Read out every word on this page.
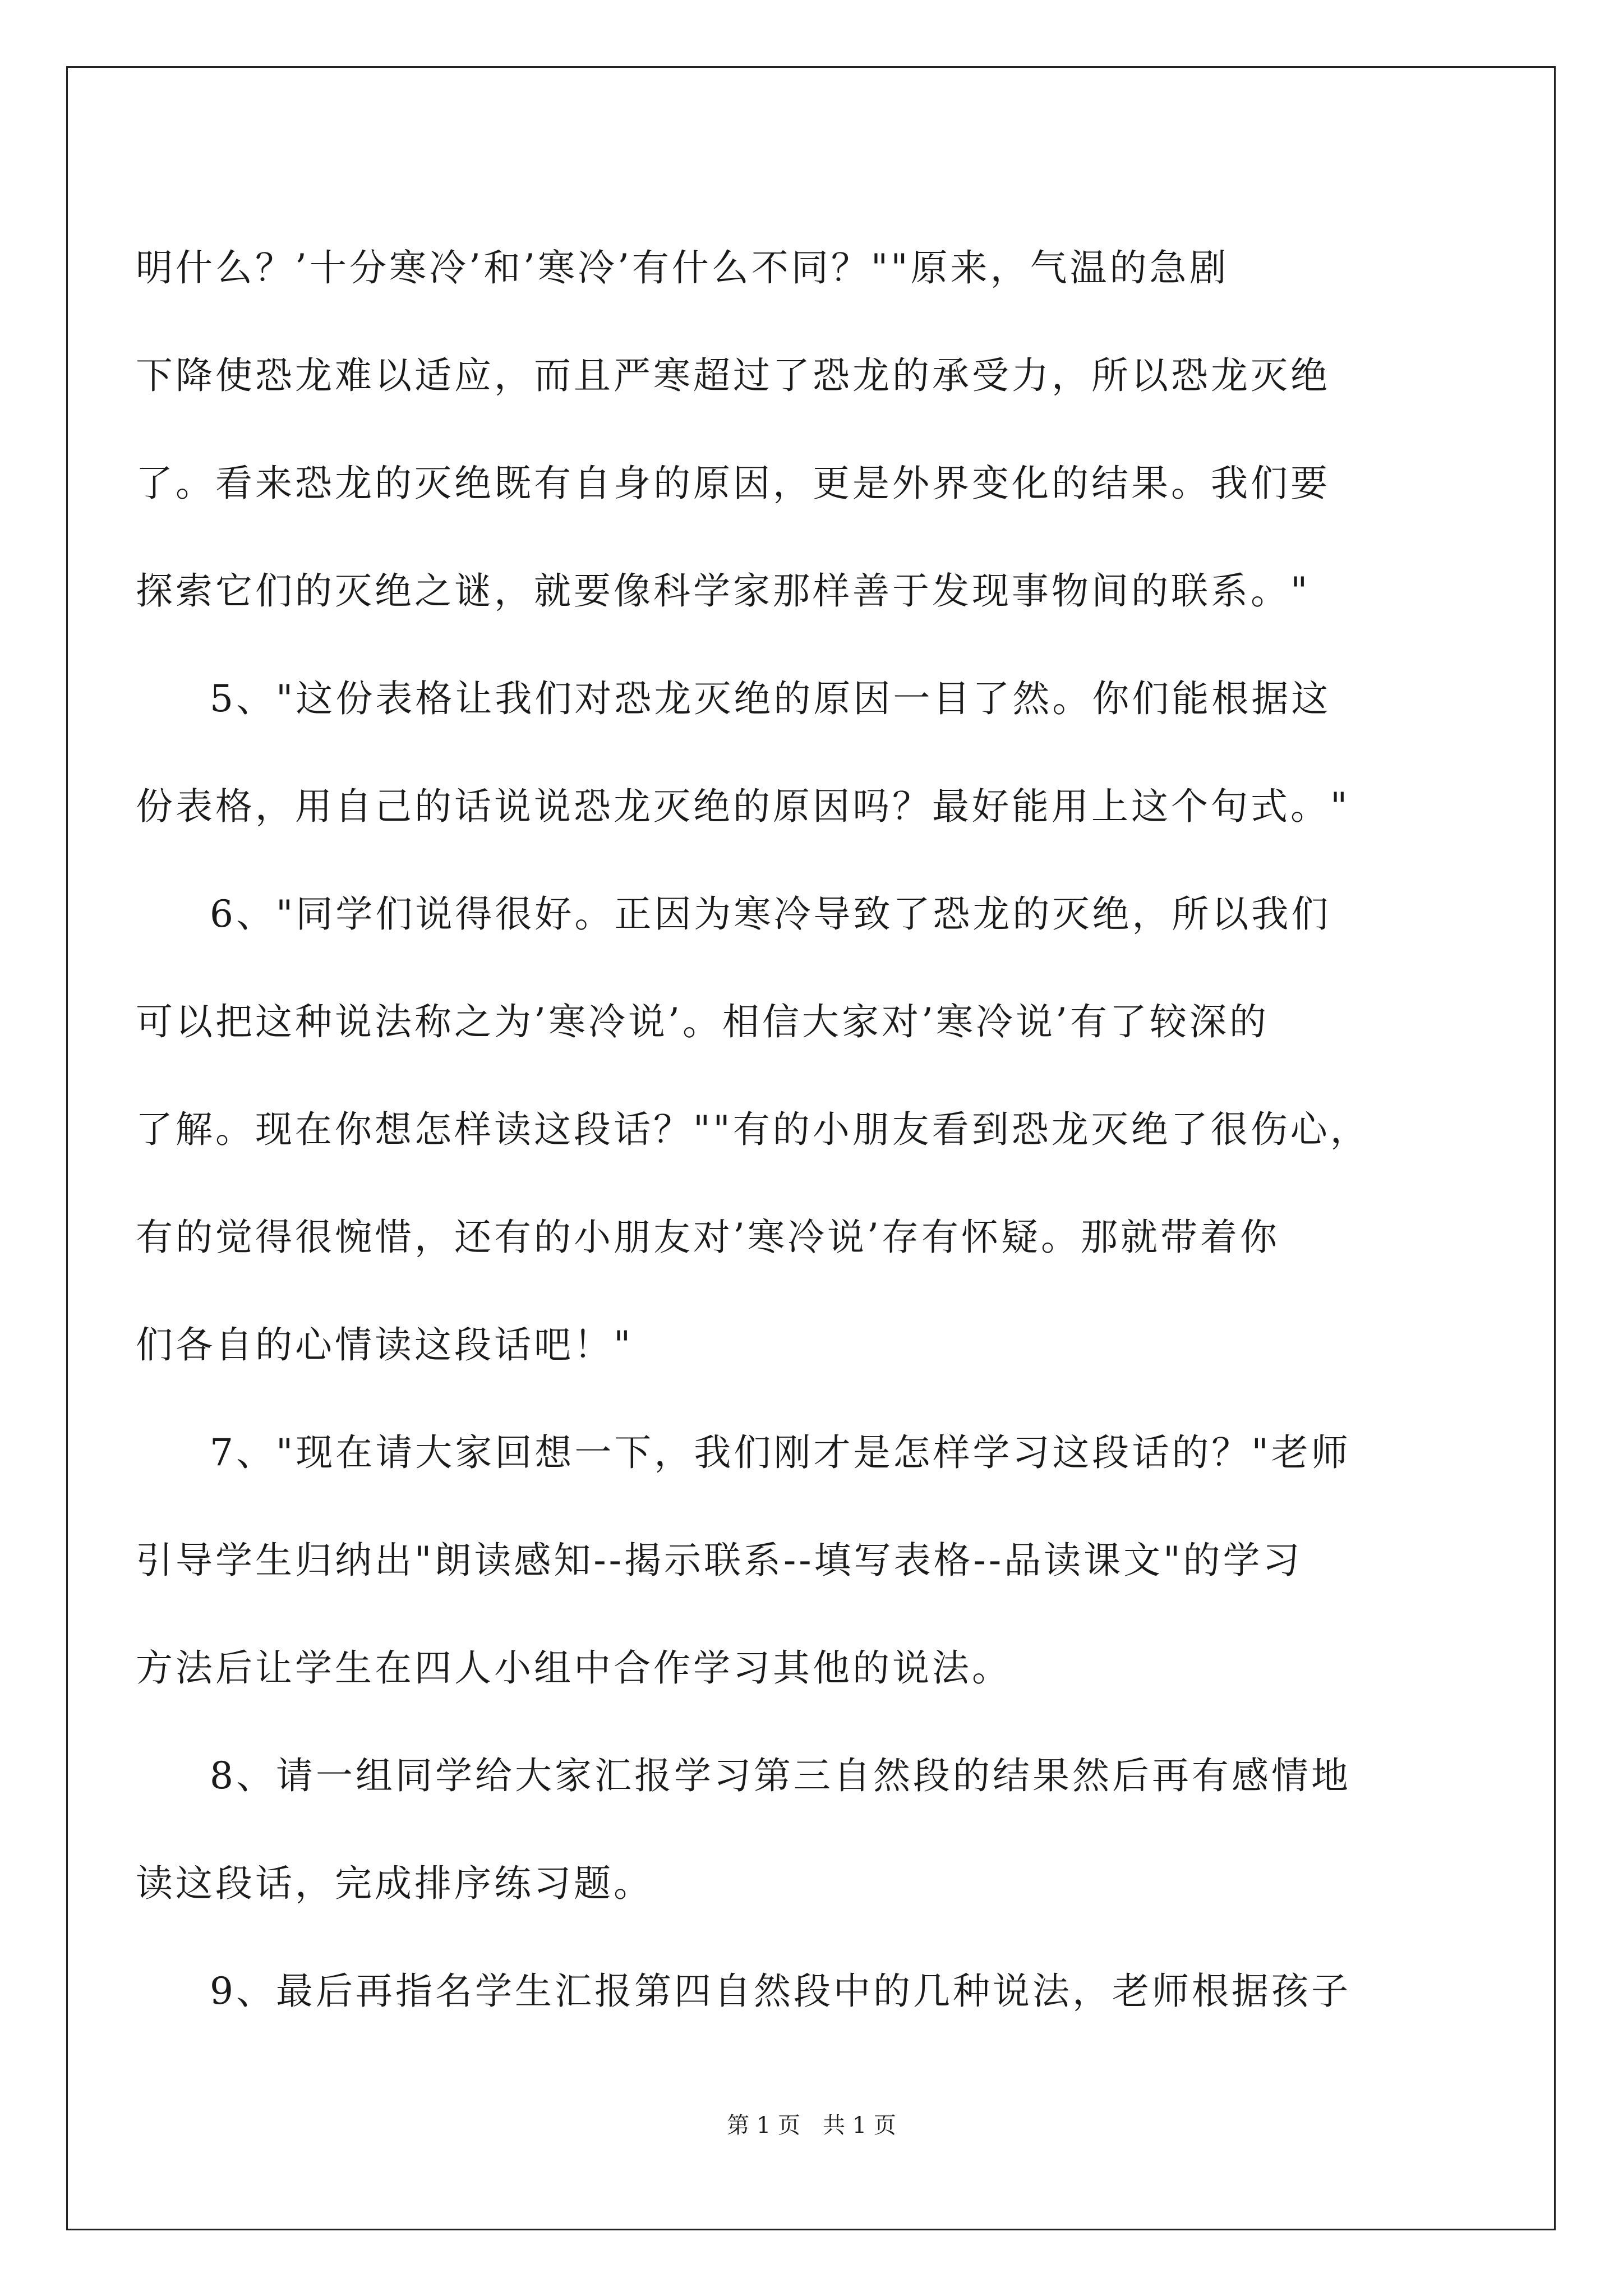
明什么？’十分寒冷’和’寒冷’有什么不同？""原来，气温的急剧
下降使恐龙难以适应，而且严寒超过了恐龙的承受力，所以恐龙灭绝
了。看来恐龙的灭绝既有自身的原因，更是外界变化的结果。我们要
探索它们的灭绝之谜，就要像科学家那样善于发现事物间的联系。"
5、"这份表格让我们对恐龙灭绝的原因一目了然。你们能根据这
份表格，用自己的话说说恐龙灭绝的原因吗？最好能用上这个句式。"
6、"同学们说得很好。正因为寒冷导致了恐龙的灭绝，所以我们
可以把这种说法称之为’寒冷说’。相信大家对’寒冷说’有了较深的
了解。现在你想怎样读这段话？""有的小朋友看到恐龙灭绝了很伤心，
有的觉得很惋惜，还有的小朋友对’寒冷说’存有怀疑。那就带着你
们各自的心情读这段话吧！"
7、"现在请大家回想一下，我们刚才是怎样学习这段话的？"老师
引导学生归纳出"朗读感知--揭示联系--填写表格--品读课文"的学习
方法后让学生在四人小组中合作学习其他的说法。
8、请一组同学给大家汇报学习第三自然段的结果然后再有感情地
读这段话，完成排序练习题。
9、最后再指名学生汇报第四自然段中的几种说法，老师根据孩子
第 1 页　共 1 页
